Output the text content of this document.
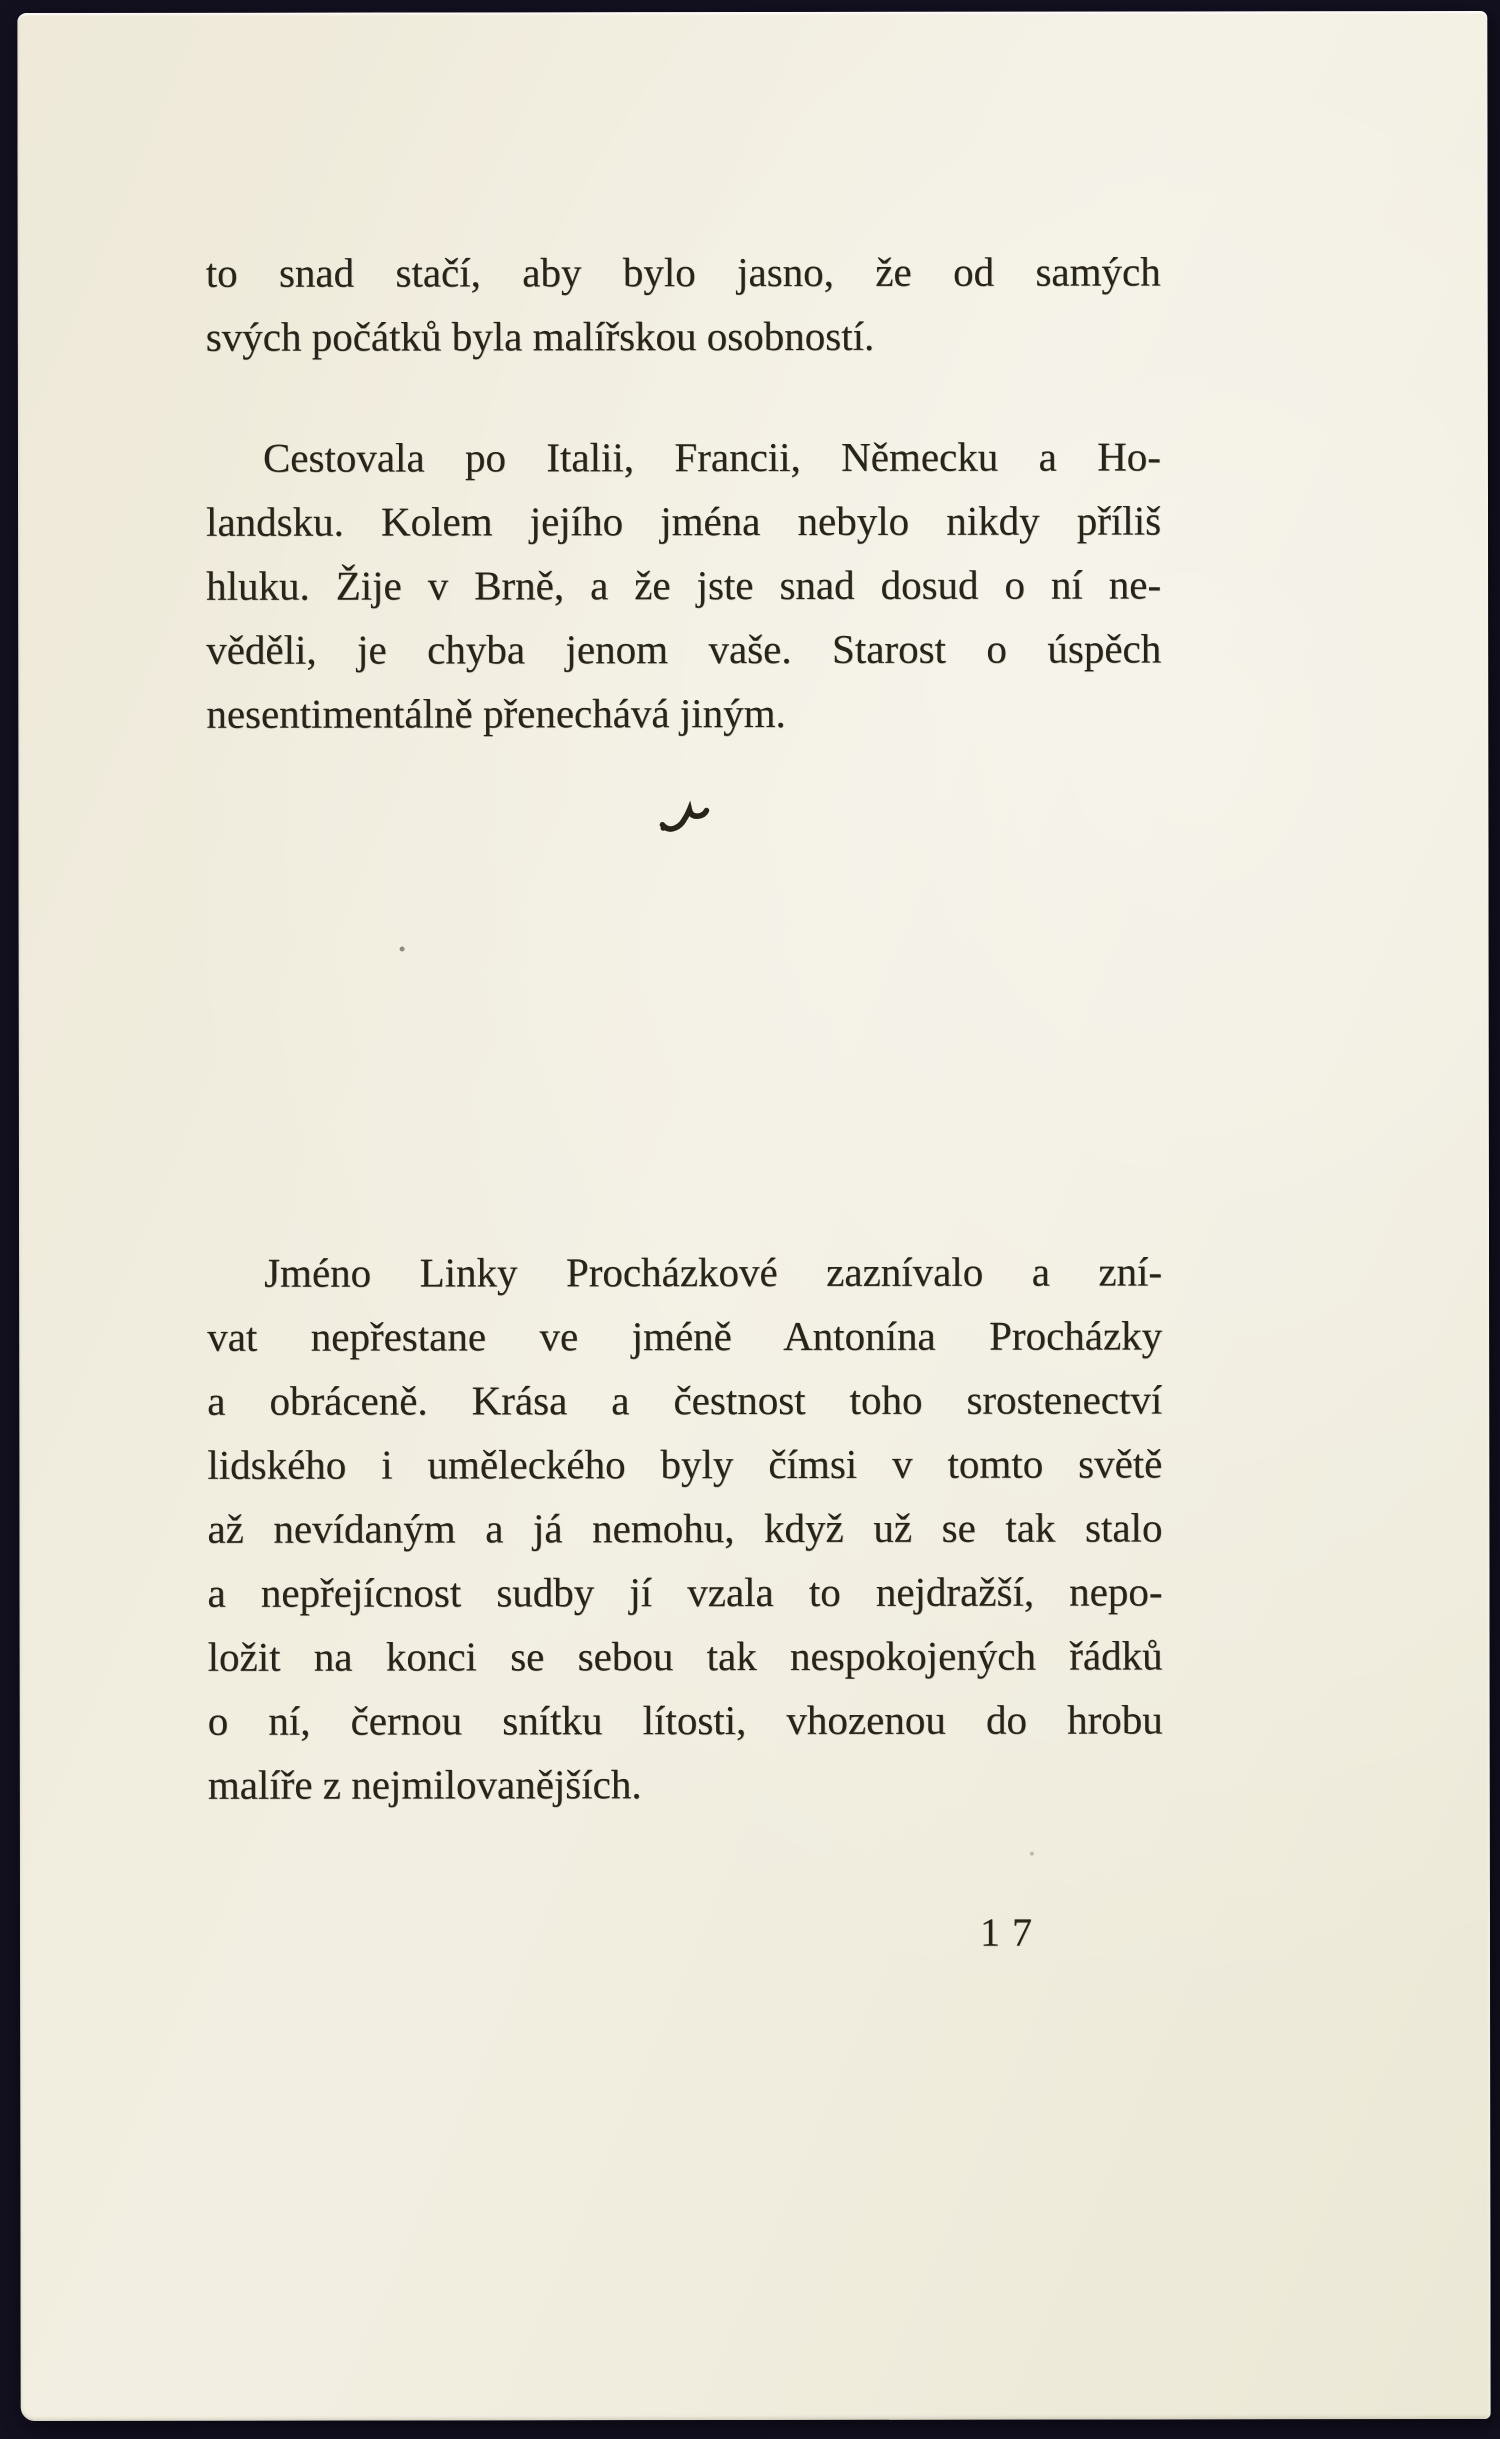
to snad stačí, aby bylo jasno, že od samých
svých počátků byla malířskou osobností.
Cestovala po Italii, Francii, Německu a Ho-
landsku. Kolem jejího jména nebylo nikdy příliš
hluku. Žije v Brně, a že jste snad dosud o ní ne-
věděli, je chyba jenom vaše. Starost o úspěch
nesentimentálně přenechává jiným.
Jméno Linky Procházkové zaznívalo a zní-
vat nepřestane ve jméně Antonína Procházky
a obráceně. Krása a čestnost toho srostenectví
lidského i uměleckého byly čímsi v tomto světě
až nevídaným a já nemohu, když už se tak stalo
a nepřejícnost sudby jí vzala to nejdražší, nepo-
ložit na konci se sebou tak nespokojených řádků
o ní, černou snítku lítosti, vhozenou do hrobu
malíře z nejmilovanějších.
17
